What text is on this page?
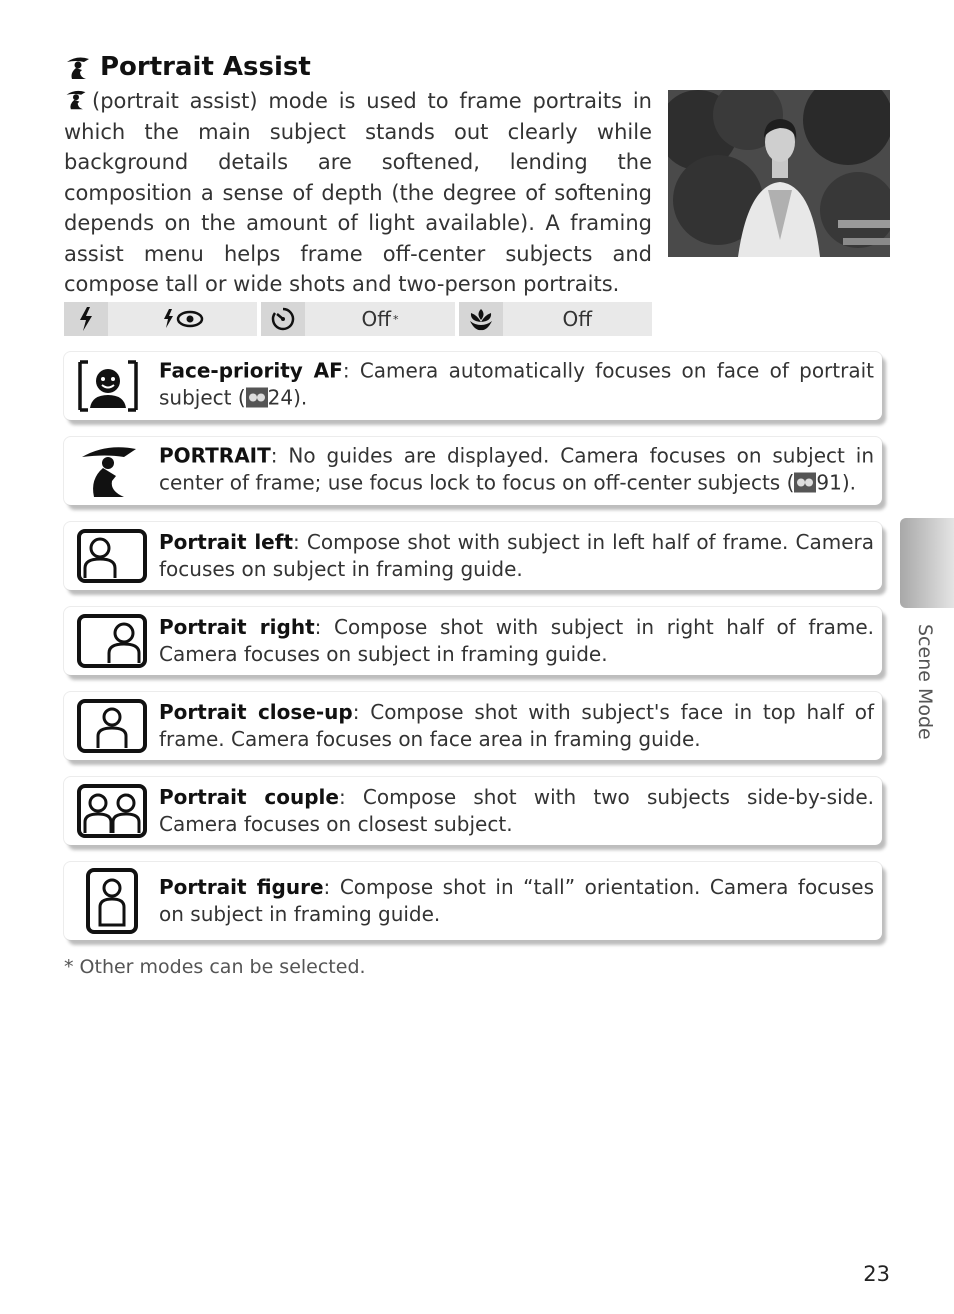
Portrait Assist

(portrait assist) mode is used to frame portraits in which the main subject stands out clearly while background details are softened, lending the composition a sense of depth (the degree of softening depends on the amount of light available). A framing assist menu helps frame off-center subjects and compose tall or wide shots and two-person portraits.

Off *	Off
Face-priority AF: Camera automatically focuses on face of portrait subject ( 24).
PORTRAIT: No guides are displayed. Camera focuses on subject in center of frame; use focus lock to focus on off-center subjects ( 91).
Portrait left: Compose shot with subject in left half of frame. Camera focuses on subject in framing guide.
Portrait right: Compose shot with subject in right half of frame. Camera focuses on subject in framing guide.
Portrait close-up: Compose shot with subject's face in top half of frame. Camera focuses on face area in framing guide.
Portrait couple: Compose shot with two subjects side-by-side. Camera focuses on closest subject.
Portrait figure: Compose shot in “tall” orientation. Camera focuses on subject in framing guide.
* Other modes can be selected.
Scene Mode
23
